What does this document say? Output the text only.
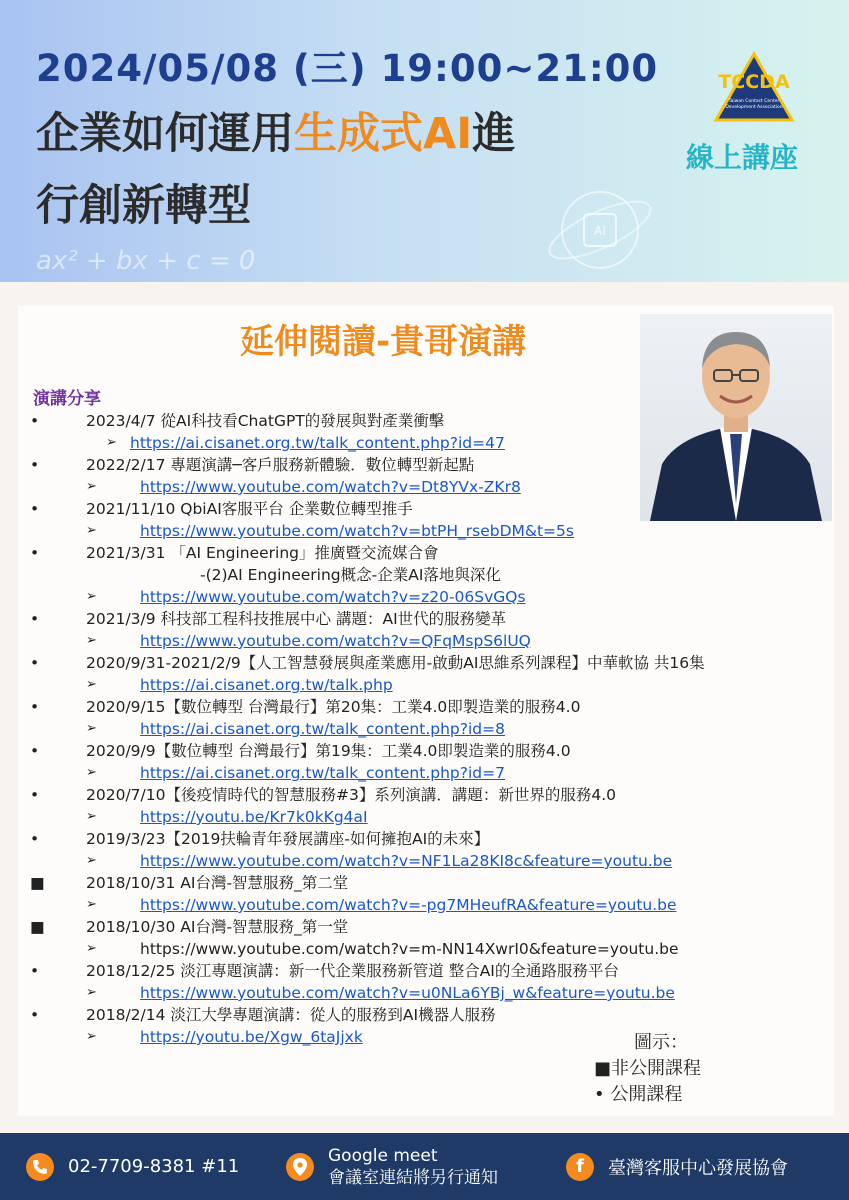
AI
2024/05/08 (三) 19:00~21:00
企業如何運用生成式AI進
行創新轉型
TCCDA
Taiwan Contact Center
Development Association
線上講座
ax² + bx + c = 0
延伸閱讀-貴哥演講
演講分享
•	2023/4/7 從AI科技看ChatGPT的發展與對產業衝擊
➢ https://ai.cisanet.org.tw/talk_content.php?id=47
•	2022/2/17 專題演講─客戶服務新體驗．數位轉型新起點
➢	https://www.youtube.com/watch?v=Dt8YVx-ZKr8
•	2021/11/10 QbiAI客服平台 企業數位轉型推手
➢	https://www.youtube.com/watch?v=btPH_rsebDM&t=5s
•	2021/3/31 「AI Engineering」推廣暨交流媒合會
-(2)AI Engineering概念-企業AI落地與深化
➢	https://www.youtube.com/watch?v=z20-06SvGQs
•	2021/3/9 科技部工程科技推展中心 講題：AI世代的服務變革
➢	https://www.youtube.com/watch?v=QFqMspS6lUQ
•	2020/9/31-2021/2/9【人工智慧發展與產業應用-啟動AI思維系列課程】中華軟協 共16集
➢	https://ai.cisanet.org.tw/talk.php
•	2020/9/15【數位轉型 台灣最行】第20集：工業4.0即製造業的服務4.0
➢	https://ai.cisanet.org.tw/talk_content.php?id=8
•	2020/9/9【數位轉型 台灣最行】第19集：工業4.0即製造業的服務4.0
➢	https://ai.cisanet.org.tw/talk_content.php?id=7
•	2020/7/10【後疫情時代的智慧服務#3】系列演講．講題：新世界的服務4.0
➢	https://youtu.be/Kr7k0kKg4aI
•	2019/3/23【2019扶輪青年發展講座-如何擁抱AI的未來】
➢	https://www.youtube.com/watch?v=NF1La28KI8c&feature=youtu.be
■	2018/10/31 AI台灣-智慧服務_第二堂
➢	https://www.youtube.com/watch?v=-pg7MHeufRA&feature=youtu.be
■	2018/10/30 AI台灣-智慧服務_第一堂
➢	https://www.youtube.com/watch?v=m-NN14XwrI0&feature=youtu.be
•	2018/12/25 淡江專題演講：新一代企業服務新管道 整合AI的全通路服務平台
➢	https://www.youtube.com/watch?v=u0NLa6YBj_w&feature=youtu.be
•	2018/2/14 淡江大學專題演講：從人的服務到AI機器人服務
➢	https://youtu.be/Xgw_6taJjxk	圖示：
■非公開課程
• 公開課程
02-7709-8381 #11
Google meet
會議室連結將另行通知
f	臺灣客服中心發展協會
